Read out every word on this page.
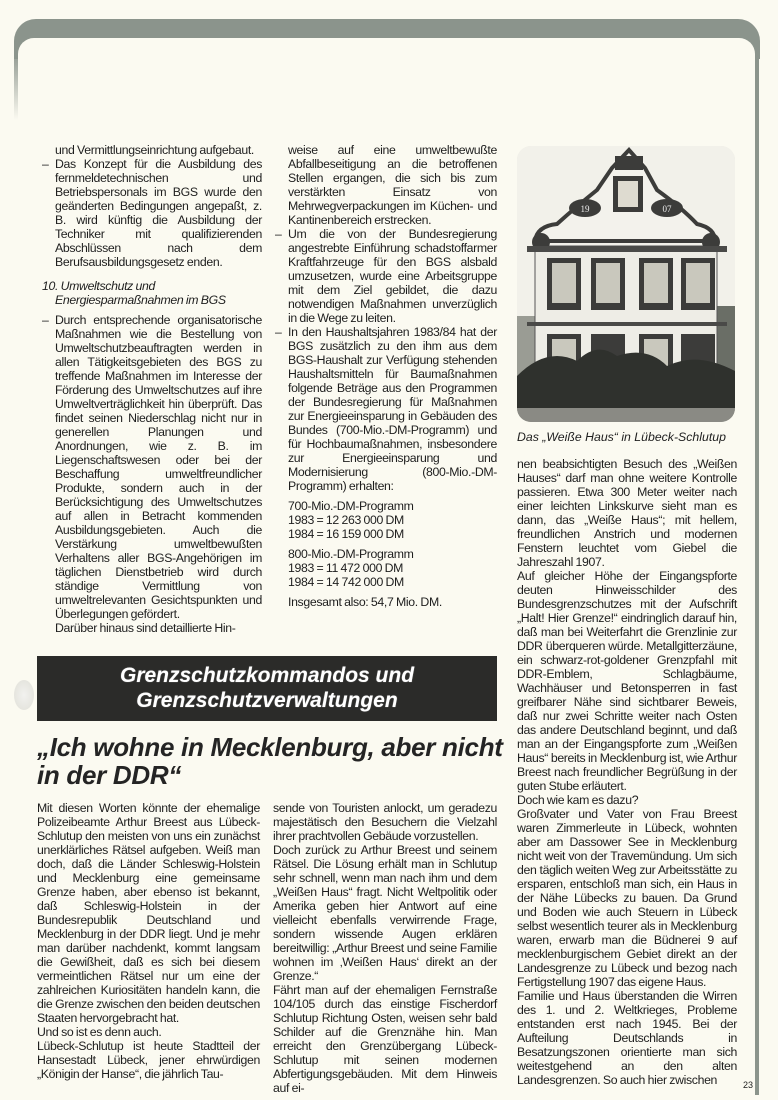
und Vermittlungseinrichtung aufgebaut.

– Das Konzept für die Ausbildung des fernmeldetechnischen und Betriebspersonals im BGS wurde den geänderten Bedingungen angepaßt, z. B. wird künftig die Ausbildung der Techniker mit qualifizierenden Abschlüssen nach dem Berufsausbildungsgesetz enden.

10. Umweltschutz und Energiesparmaßnahmen im BGS

– Durch entsprechende organisatorische Maßnahmen wie die Bestellung von Umweltschutzbeauftragten werden in allen Tätigkeitsgebieten des BGS zu treffende Maßnahmen im Interesse der Förderung des Umweltschutzes auf ihre Umweltverträglichkeit hin überprüft. Das findet seinen Niederschlag nicht nur in generellen Planungen und Anordnungen, wie z. B. im Liegenschaftswesen oder bei der Beschaffung umweltfreundlicher Produkte, sondern auch in der Berücksichtigung des Umweltschutzes auf allen in Betracht kommenden Ausbildungsgebieten. Auch die Verstärkung umweltbewußten Verhaltens aller BGS-Angehörigen im täglichen Dienstbetrieb wird durch ständige Vermittlung von umweltrelevanten Gesichtspunkten und Überlegungen gefördert.

Darüber hinaus sind detaillierte Hin-

weise auf eine umweltbewußte Abfallbeseitigung an die betroffenen Stellen ergangen, die sich bis zum verstärkten Einsatz von Mehrwegverpackungen im Küchen- und Kantinenbereich erstrecken.

– Um die von der Bundesregierung angestrebte Einführung schadstoffarmer Kraftfahrzeuge für den BGS alsbald umzusetzen, wurde eine Arbeitsgruppe mit dem Ziel gebildet, die dazu notwendigen Maßnahmen unverzüglich in die Wege zu leiten.

– In den Haushaltsjahren 1983/84 hat der BGS zusätzlich zu den ihm aus dem BGS-Haushalt zur Verfügung stehenden Haushaltsmitteln für Baumaßnahmen folgende Beträge aus den Programmen der Bundesregierung für Maßnahmen zur Energieeinsparung in Gebäuden des Bundes (700-Mio.-DM-Programm) und für Hochbaumaßnahmen, insbesondere zur Energieeinsparung und Modernisierung (800-Mio.-DM-Programm) erhalten:

700-Mio.-DM-Programm

1983 = 12 263 000 DM

1984 = 16 159 000 DM

800-Mio.-DM-Programm

1983 = 11 472 000 DM

1984 = 14 742 000 DM

Insgesamt also: 54,7 Mio. DM.

19	07
Das „Weiße Haus“ in Lübeck-Schlutup

nen beabsichtigten Besuch des „Weißen Hauses“ darf man ohne weitere Kontrolle passieren. Etwa 300 Meter weiter nach einer leichten Linkskurve sieht man es dann, das „Weiße Haus“; mit hellem, freundlichen Anstrich und modernen Fenstern leuchtet vom Giebel die Jahreszahl 1907.

Auf gleicher Höhe der Eingangspforte deuten Hinweisschilder des Bundesgrenzschutzes mit der Aufschrift „Halt! Hier Grenze!“ eindringlich darauf hin, daß man bei Weiterfahrt die Grenzlinie zur DDR überqueren würde. Metallgitterzäune, ein schwarz-rot-goldener Grenzpfahl mit DDR-Emblem, Schlagbäume, Wachhäuser und Betonsperren in fast greifbarer Nähe sind sichtbarer Beweis, daß nur zwei Schritte weiter nach Osten das andere Deutschland beginnt, und daß man an der Eingangspforte zum „Weißen Haus“ bereits in Mecklenburg ist, wie Arthur Breest nach freundlicher Begrüßung in der guten Stube erläutert.

Doch wie kam es dazu?

Großvater und Vater von Frau Breest waren Zimmerleute in Lübeck, wohnten aber am Dassower See in Mecklenburg nicht weit von der Travemündung. Um sich den täglich weiten Weg zur Arbeitsstätte zu ersparen, entschloß man sich, ein Haus in der Nähe Lübecks zu bauen. Da Grund und Boden wie auch Steuern in Lübeck selbst wesentlich teurer als in Mecklenburg waren, erwarb man die Büdnerei 9 auf mecklenburgischem Gebiet direkt an der Landesgrenze zu Lübeck und bezog nach Fertigstellung 1907 das eigene Haus.

Familie und Haus überstanden die Wirren des 1. und 2. Weltkrieges, Probleme entstanden erst nach 1945. Bei der Aufteilung Deutschlands in Besatzungszonen orientierte man sich weitestgehend an den alten Landesgrenzen. So auch hier zwischen

Grenzschutzkommandos und
Grenzschutzverwaltungen
„Ich wohne in Mecklenburg, aber nicht in der DDR“

Mit diesen Worten könnte der ehemalige Polizeibeamte Arthur Breest aus Lübeck-Schlutup den meisten von uns ein zunächst unerklärliches Rätsel aufgeben. Weiß man doch, daß die Länder Schleswig-Holstein und Mecklenburg eine gemeinsame Grenze haben, aber ebenso ist bekannt, daß Schleswig-Holstein in der Bundesrepublik Deutschland und Mecklenburg in der DDR liegt. Und je mehr man darüber nachdenkt, kommt langsam die Gewißheit, daß es sich bei diesem vermeintlichen Rätsel nur um eine der zahlreichen Kuriositäten handeln kann, die die Grenze zwischen den beiden deutschen Staaten hervorgebracht hat.

Und so ist es denn auch.

Lübeck-Schlutup ist heute Stadtteil der Hansestadt Lübeck, jener ehrwürdigen „Königin der Hanse“, die jährlich Tau-

sende von Touristen anlockt, um geradezu majestätisch den Besuchern die Vielzahl ihrer prachtvollen Gebäude vorzustellen.

Doch zurück zu Arthur Breest und seinem Rätsel. Die Lösung erhält man in Schlutup sehr schnell, wenn man nach ihm und dem „Weißen Haus“ fragt. Nicht Weltpolitik oder Amerika geben hier Antwort auf eine vielleicht ebenfalls verwirrende Frage, sondern wissende Augen erklären bereitwillig: „Arthur Breest und seine Familie wohnen im ‚Weißen Haus‘ direkt an der Grenze.“

Fährt man auf der ehemaligen Fernstraße 104/105 durch das einstige Fischerdorf Schlutup Richtung Osten, weisen sehr bald Schilder auf die Grenznähe hin. Man erreicht den Grenzübergang Lübeck-Schlutup mit seinen modernen Abfertigungsgebäuden. Mit dem Hinweis auf ei-	23
